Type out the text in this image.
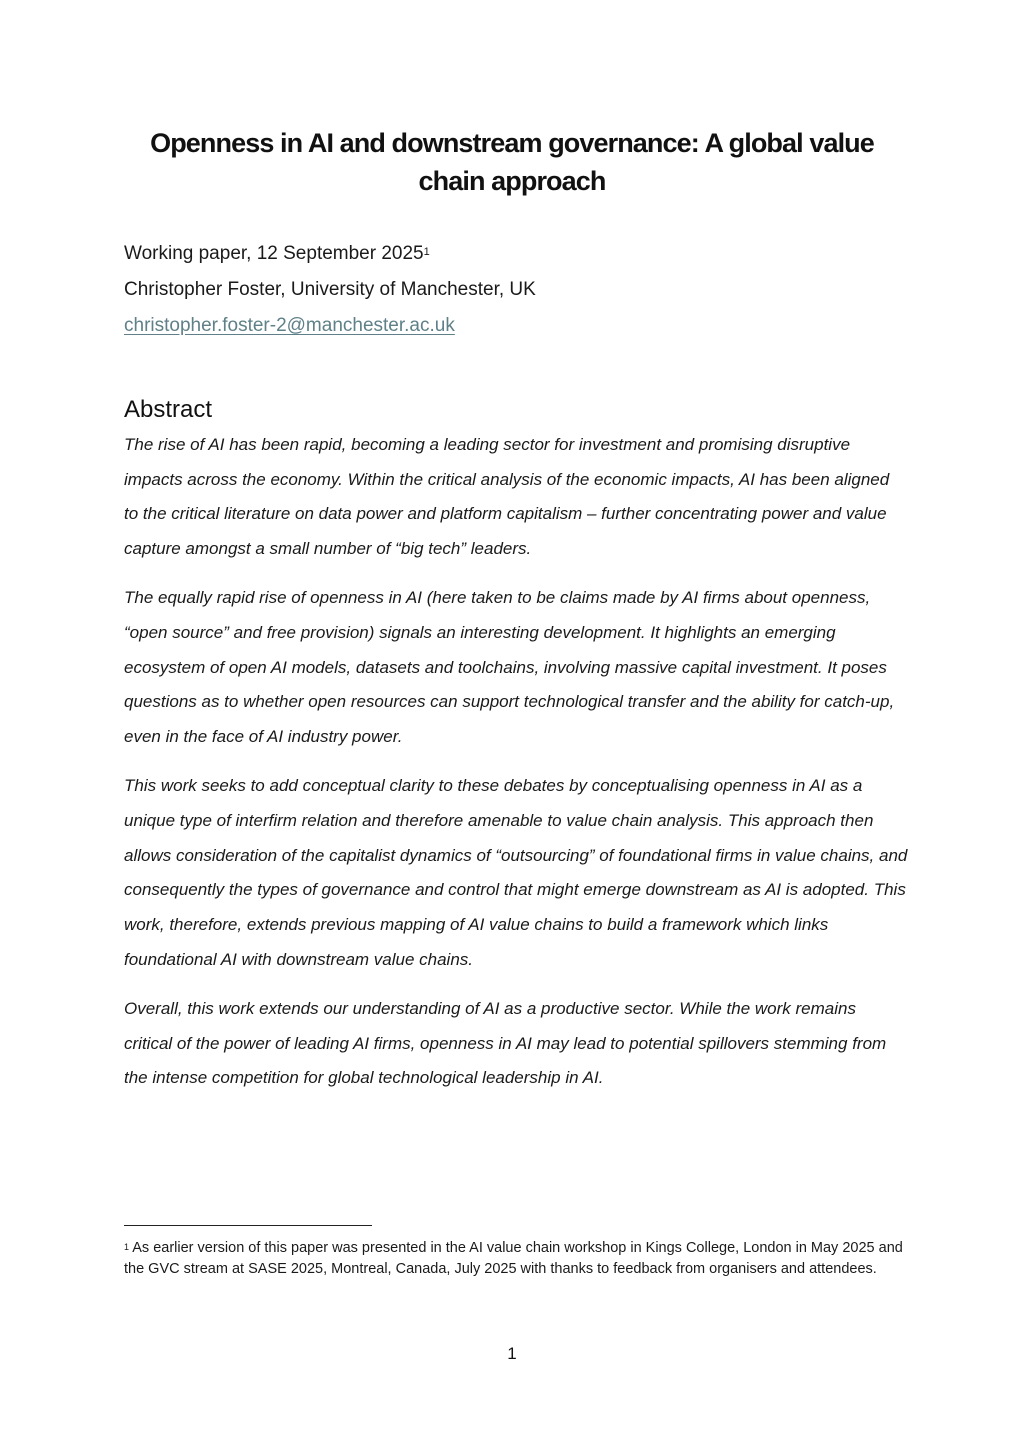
Openness in AI and downstream governance: A global value chain approach
Working paper, 12 September 2025$^1$
Christopher Foster, University of Manchester, UK
christopher.foster-2@manchester.ac.uk
Abstract

The rise of AI has been rapid, becoming a leading sector for investment and promising disruptive impacts across the economy. Within the critical analysis of the economic impacts, AI has been aligned to the critical literature on data power and platform capitalism – further concentrating power and value capture amongst a small number of “big tech” leaders.

The equally rapid rise of openness in AI (here taken to be claims made by AI firms about openness, “open source” and free provision) signals an interesting development. It highlights an emerging ecosystem of open AI models, datasets and toolchains, involving massive capital investment. It poses questions as to whether open resources can support technological transfer and the ability for catch-up, even in the face of AI industry power.

This work seeks to add conceptual clarity to these debates by conceptualising openness in AI as a unique type of interfirm relation and therefore amenable to value chain analysis. This approach then allows consideration of the capitalist dynamics of “outsourcing” of foundational firms in value chains, and consequently the types of governance and control that might emerge downstream as AI is adopted. This work, therefore, extends previous mapping of AI value chains to build a framework which links foundational AI with downstream value chains.

Overall, this work extends our understanding of AI as a productive sector. While the work remains critical of the power of leading AI firms, openness in AI may lead to potential spillovers stemming from the intense competition for global technological leadership in AI.

$^1$ As earlier version of this paper was presented in the AI value chain workshop in Kings College, London in May 2025 and the GVC stream at SASE 2025, Montreal, Canada, July 2025 with thanks to feedback from organisers and attendees.

1
